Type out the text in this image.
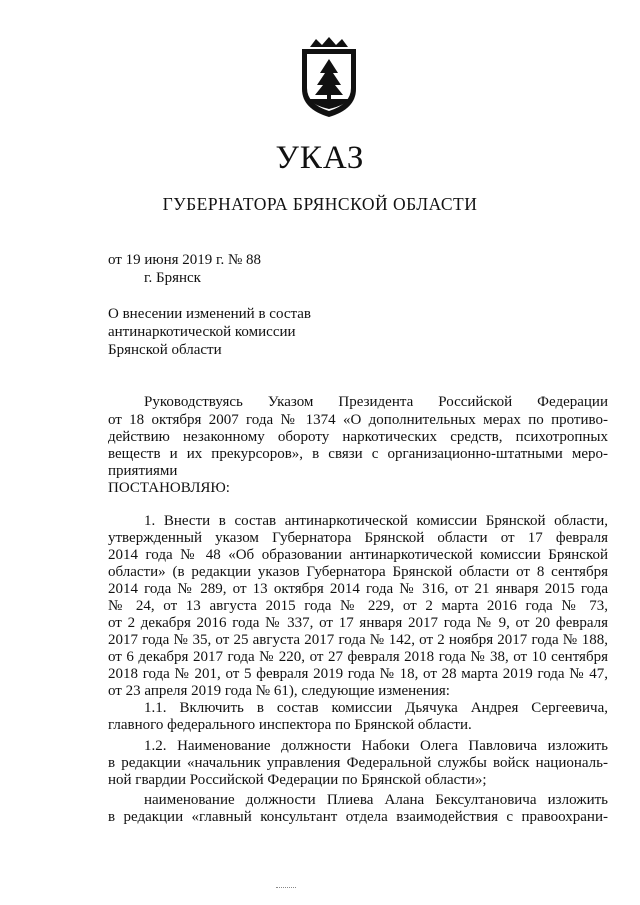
УКАЗ
ГУБЕРНАТОРА БРЯНСКОЙ ОБЛАСТИ
от 19 июня 2019 г. № 88
г. Брянск
О внесении изменений в состав
антинаркотической комиссии
Брянской области
Руководствуясь Указом Президента Российской Федерации
от 18 октября 2007 года № 1374 «О дополнительных мерах по противо-
действию незаконному обороту наркотических средств, психотропных
веществ и их прекурсоров», в связи с организационно-штатными меро-
приятиями
ПОСТАНОВЛЯЮ:
1. Внести в состав антинаркотической комиссии Брянской области,
утвержденный указом Губернатора Брянской области от 17 февраля
2014 года № 48 «Об образовании антинаркотической комиссии Брянской
области» (в редакции указов Губернатора Брянской области от 8 сентября
2014 года № 289, от 13 октября 2014 года № 316, от 21 января 2015 года
№ 24, от 13 августа 2015 года № 229, от 2 марта 2016 года № 73,
от 2 декабря 2016 года № 337, от 17 января 2017 года № 9, от 20 февраля
2017 года № 35, от 25 августа 2017 года № 142, от 2 ноября 2017 года № 188,
от 6 декабря 2017 года № 220, от 27 февраля 2018 года № 38, от 10 сентября
2018 года № 201, от 5 февраля 2019 года № 18, от 28 марта 2019 года № 47,
от 23 апреля 2019 года № 61), следующие изменения:
1.1. Включить в состав комиссии Дьячука Андрея Сергеевича,
главного федерального инспектора по Брянской области.
1.2. Наименование должности Набоки Олега Павловича изложить
в редакции «начальник управления Федеральной службы войск националь-
ной гвардии Российской Федерации по Брянской области»;
наименование должности Плиева Алана Бексултановича изложить
в редакции «главный консультант отдела взаимодействия с правоохрани-
